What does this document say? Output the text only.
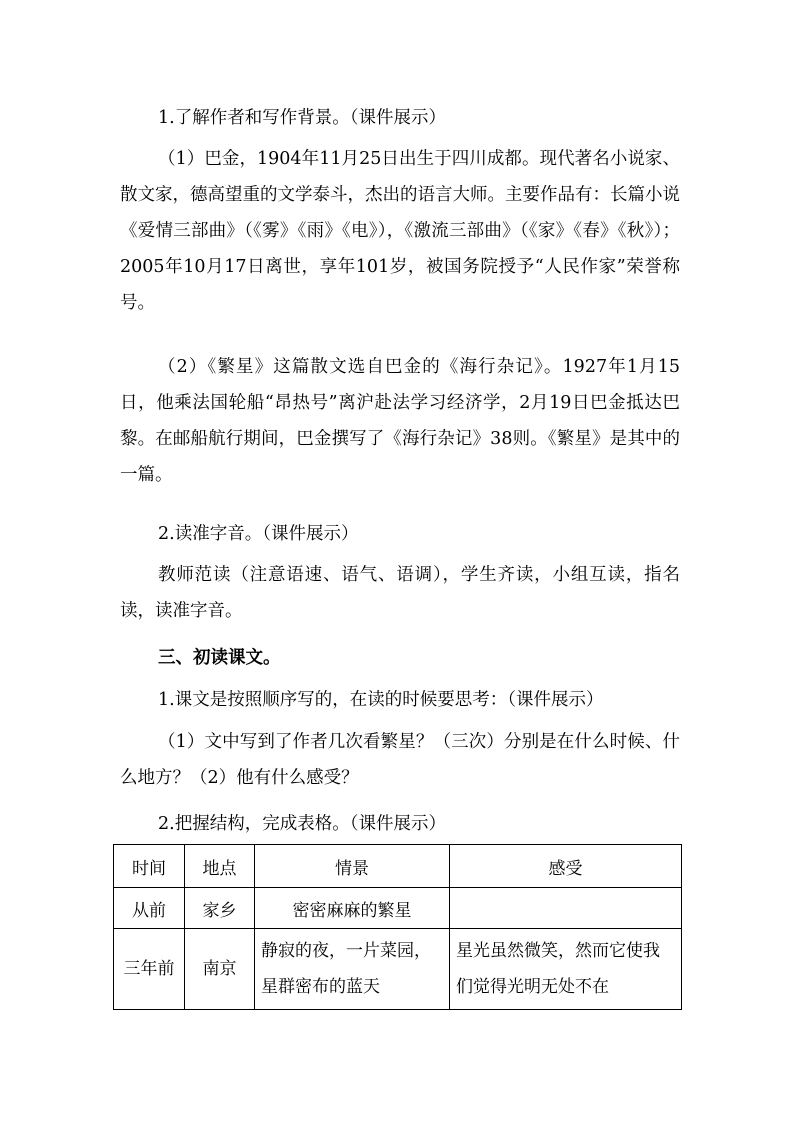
1.了解作者和写作背景。（课件展示）

（1）巴金，1904年11月25日出生于四川成都。现代著名小说家、散文家，德高望重的文学泰斗，杰出的语言大师。主要作品有：长篇小说《爱情三部曲》（《雾》《雨》《电》），《激流三部曲》（《家》《春》《秋》）；2005年10月17日离世，享年101岁，被国务院授予“人民作家”荣誉称号。

（2）《繁星》这篇散文选自巴金的《海行杂记》。1927年1月15日，他乘法国轮船“昂热号”离沪赴法学习经济学，2月19日巴金抵达巴黎。在邮船航行期间，巴金撰写了《海行杂记》38则。《繁星》是其中的一篇。

2.读准字音。（课件展示）

教师范读（注意语速、语气、语调），学生齐读，小组互读，指名读，读准字音。

三、初读课文。

1.课文是按照顺序写的，在读的时候要思考：（课件展示）

（1）文中写到了作者几次看繁星？（三次）分别是在什么时候、什么地方？（2）他有什么感受？

2.把握结构，完成表格。（课件展示）

时间	地点	情景	感受
从前	家乡	密密麻麻的繁星	
三年前	南京	静寂的夜，一片菜园，星群密布的蓝天	星光虽然微笑，然而它使我们觉得光明无处不在
